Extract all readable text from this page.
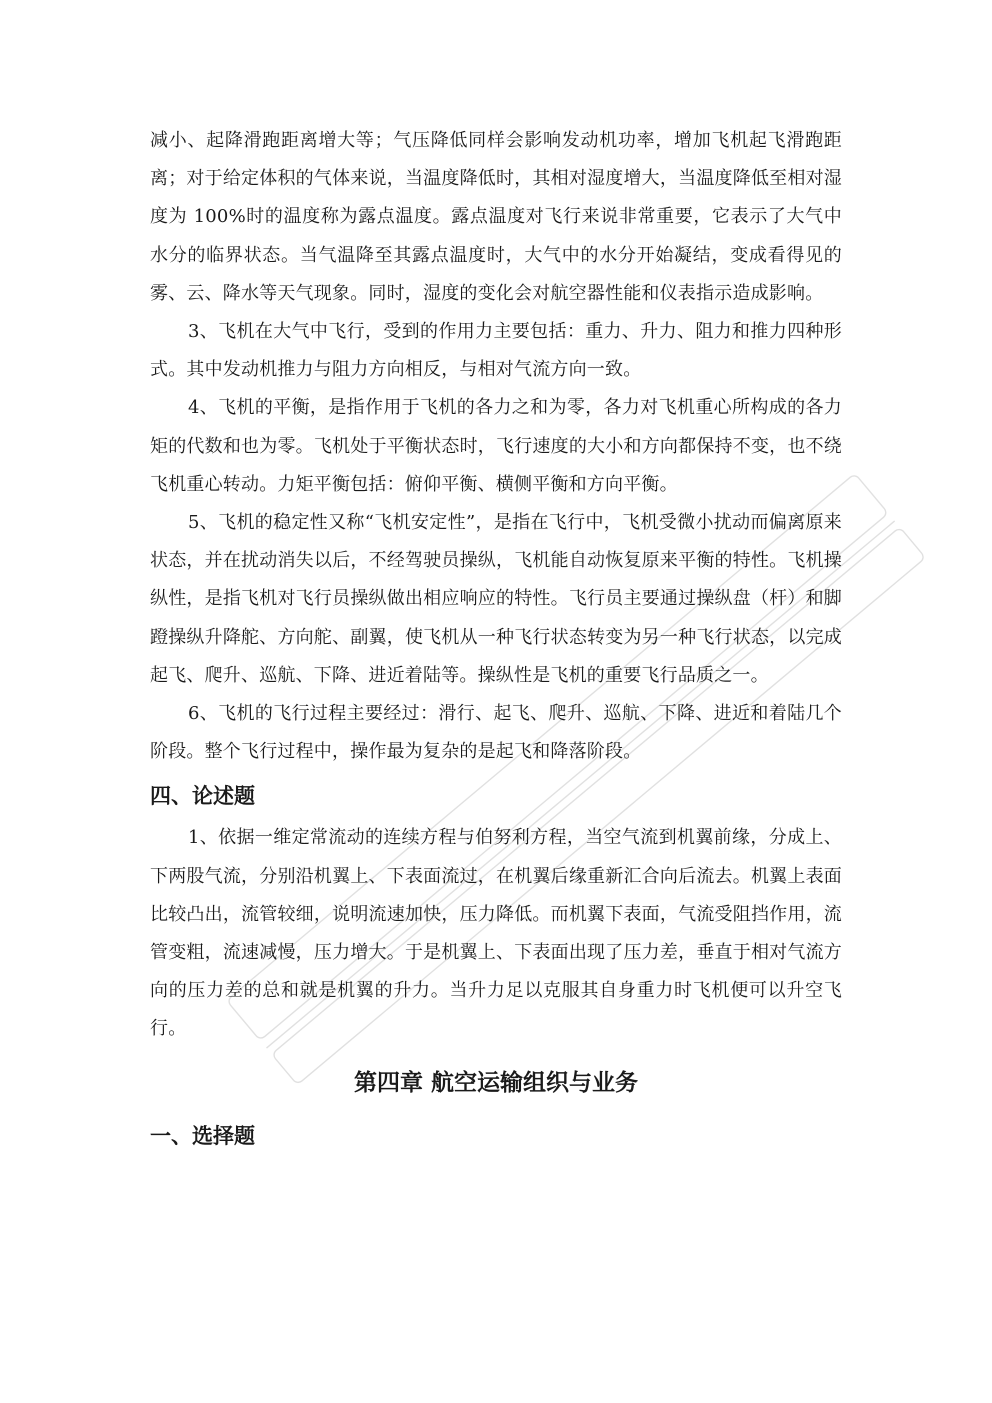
减小、起降滑跑距离增大等；气压降低同样会影响发动机功率，增加飞机起飞滑跑距离；对于给定体积的气体来说，当温度降低时，其相对湿度增大，当温度降低至相对湿度为 100%时的温度称为露点温度。露点温度对飞行来说非常重要，它表示了大气中水分的临界状态。当气温降至其露点温度时，大气中的水分开始凝结，变成看得见的雾、云、降水等天气现象。同时，湿度的变化会对航空器性能和仪表指示造成影响。

3、飞机在大气中飞行，受到的作用力主要包括：重力、升力、阻力和推力四种形式。其中发动机推力与阻力方向相反，与相对气流方向一致。

4、飞机的平衡，是指作用于飞机的各力之和为零，各力对飞机重心所构成的各力矩的代数和也为零。飞机处于平衡状态时，飞行速度的大小和方向都保持不变，也不绕飞机重心转动。力矩平衡包括：俯仰平衡、横侧平衡和方向平衡。

5、飞机的稳定性又称“飞机安定性”，是指在飞行中，飞机受微小扰动而偏离原来状态，并在扰动消失以后，不经驾驶员操纵，飞机能自动恢复原来平衡的特性。飞机操纵性，是指飞机对飞行员操纵做出相应响应的特性。飞行员主要通过操纵盘（杆）和脚蹬操纵升降舵、方向舵、副翼，使飞机从一种飞行状态转变为另一种飞行状态，以完成起飞、爬升、巡航、下降、进近着陆等。操纵性是飞机的重要飞行品质之一。

6、飞机的飞行过程主要经过：滑行、起飞、爬升、巡航、下降、进近和着陆几个阶段。整个飞行过程中，操作最为复杂的是起飞和降落阶段。

四、论述题

1、依据一维定常流动的连续方程与伯努利方程，当空气流到机翼前缘，分成上、下两股气流，分别沿机翼上、下表面流过，在机翼后缘重新汇合向后流去。机翼上表面比较凸出，流管较细，说明流速加快，压力降低。而机翼下表面，气流受阻挡作用，流管变粗，流速减慢，压力增大。于是机翼上、下表面出现了压力差，垂直于相对气流方向的压力差的总和就是机翼的升力。当升力足以克服其自身重力时飞机便可以升空飞行。

第四章 航空运输组织与业务
一、选择题
